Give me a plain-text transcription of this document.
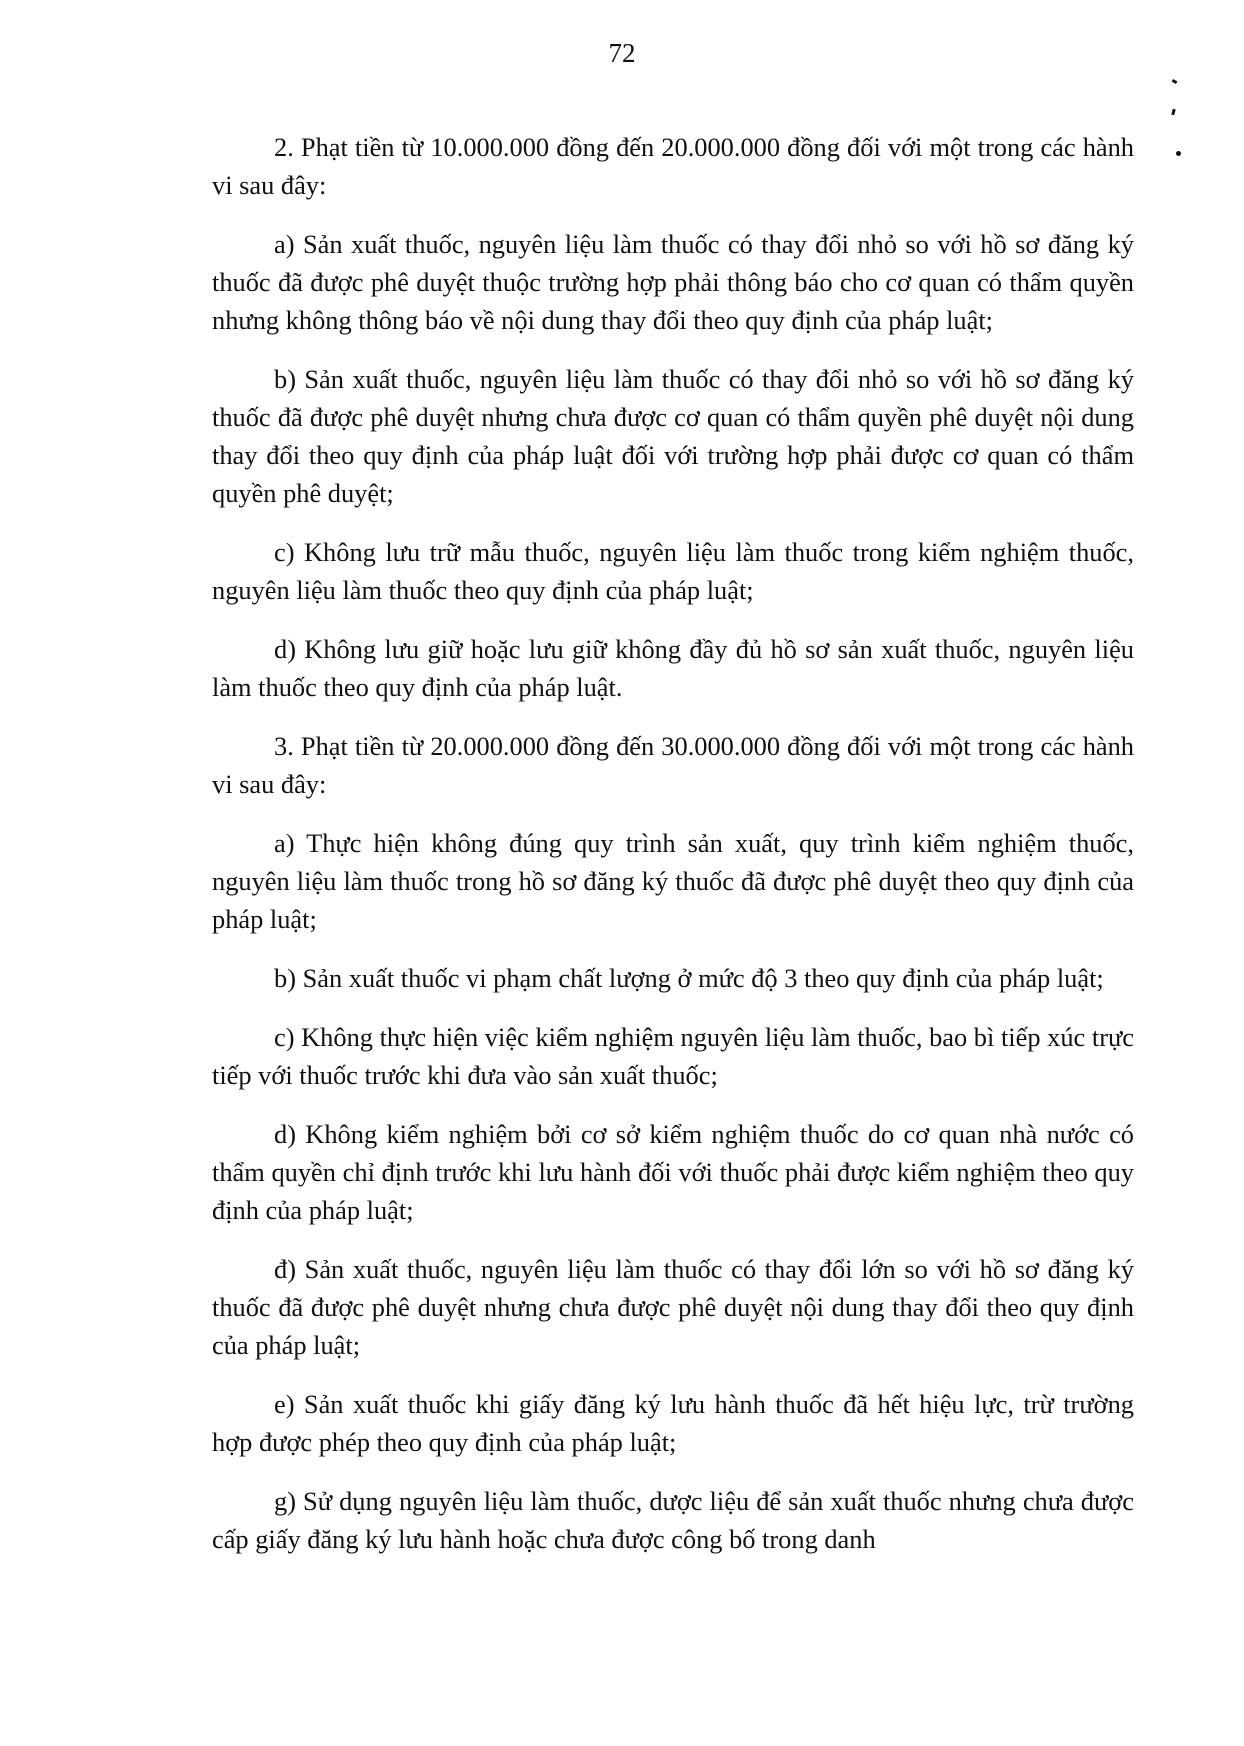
72

2. Phạt tiền từ 10.000.000 đồng đến 20.000.000 đồng đối với một trong các hành vi sau đây:

a) Sản xuất thuốc, nguyên liệu làm thuốc có thay đổi nhỏ so với hồ sơ đăng ký thuốc đã được phê duyệt thuộc trường hợp phải thông báo cho cơ quan có thẩm quyền nhưng không thông báo về nội dung thay đổi theo quy định của pháp luật;

b) Sản xuất thuốc, nguyên liệu làm thuốc có thay đổi nhỏ so với hồ sơ đăng ký thuốc đã được phê duyệt nhưng chưa được cơ quan có thẩm quyền phê duyệt nội dung thay đổi theo quy định của pháp luật đối với trường hợp phải được cơ quan có thẩm quyền phê duyệt;

c) Không lưu trữ mẫu thuốc, nguyên liệu làm thuốc trong kiểm nghiệm thuốc, nguyên liệu làm thuốc theo quy định của pháp luật;

d) Không lưu giữ hoặc lưu giữ không đầy đủ hồ sơ sản xuất thuốc, nguyên liệu làm thuốc theo quy định của pháp luật.

3. Phạt tiền từ 20.000.000 đồng đến 30.000.000 đồng đối với một trong các hành vi sau đây:

a) Thực hiện không đúng quy trình sản xuất, quy trình kiểm nghiệm thuốc, nguyên liệu làm thuốc trong hồ sơ đăng ký thuốc đã được phê duyệt theo quy định của pháp luật;

b) Sản xuất thuốc vi phạm chất lượng ở mức độ 3 theo quy định của pháp luật;

c) Không thực hiện việc kiểm nghiệm nguyên liệu làm thuốc, bao bì tiếp xúc trực tiếp với thuốc trước khi đưa vào sản xuất thuốc;

d) Không kiểm nghiệm bởi cơ sở kiểm nghiệm thuốc do cơ quan nhà nước có thẩm quyền chỉ định trước khi lưu hành đối với thuốc phải được kiểm nghiệm theo quy định của pháp luật;

đ) Sản xuất thuốc, nguyên liệu làm thuốc có thay đổi lớn so với hồ sơ đăng ký thuốc đã được phê duyệt nhưng chưa được phê duyệt nội dung thay đổi theo quy định của pháp luật;

e) Sản xuất thuốc khi giấy đăng ký lưu hành thuốc đã hết hiệu lực, trừ trường hợp được phép theo quy định của pháp luật;

g) Sử dụng nguyên liệu làm thuốc, dược liệu để sản xuất thuốc nhưng chưa được cấp giấy đăng ký lưu hành hoặc chưa được công bố trong danh
